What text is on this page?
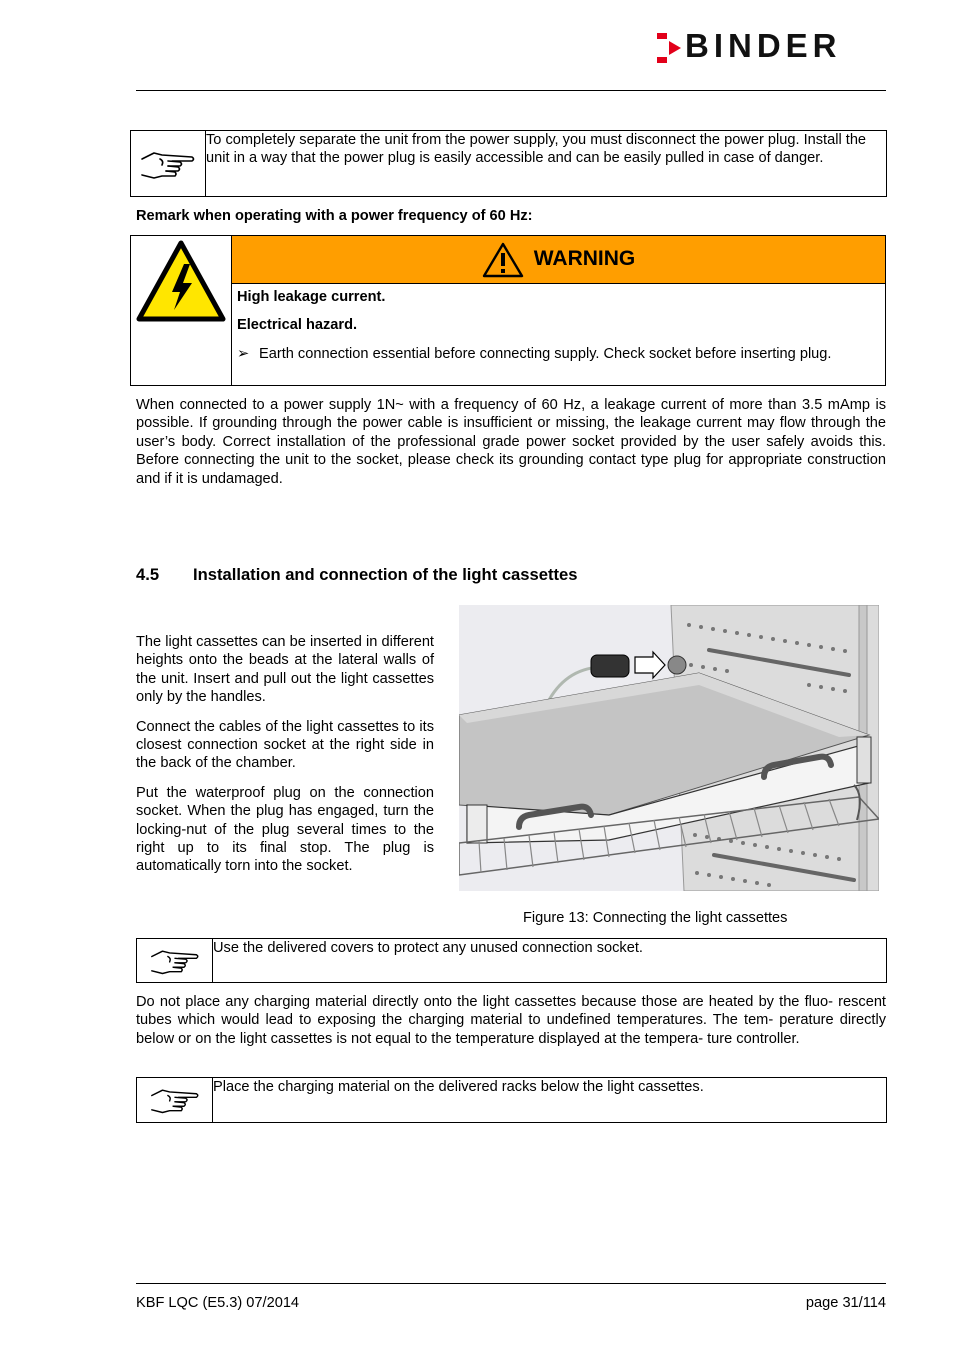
BINDER
	To completely separate the unit from the power supply, you must disconnect the power plug. Install the unit in a way that the power plug is easily accessible and can be easily pulled in case of danger.
Remark when operating with a power frequency of 60 Hz:
WARNING

High leakage current.

Electrical hazard.

➢ Earth connection essential before connecting supply. Check socket before inserting plug.
When connected to a power supply 1N~ with a frequency of 60 Hz, a leakage current of more than 3.5 mAmp is possible. If grounding through the power cable is insufficient or missing, the leakage current may flow through the user’s body. Correct installation of the professional grade power socket provided by the user safely avoids this. Before connecting the unit to the socket, please check its grounding contact type plug for appropriate construction and if it is undamaged.
4.5 Installation and connection of the light cassettes

The light cassettes can be inserted in different heights onto the beads at the lateral walls of the unit. Insert and pull out the light cassettes only by the handles.

Connect the cables of the light cassettes to its closest connection socket at the right side in the back of the chamber.

Put the waterproof plug on the connection socket. When the plug has engaged, turn the locking-nut of the plug several times to the right up to its final stop. The plug is automatically torn into the socket.

Figure 13: Connecting the light cassettes
	Use the delivered covers to protect any unused connection socket.
Do not place any charging material directly onto the light cassettes because those are heated by the fluo- rescent tubes which would lead to exposing the charging material to undefined temperatures. The tem- perature directly below or on the light cassettes is not equal to the temperature displayed at the tempera- ture controller.
	Place the charging material on the delivered racks below the light cassettes.
KBF LQC (E5.3) 07/2014	page 31/114
